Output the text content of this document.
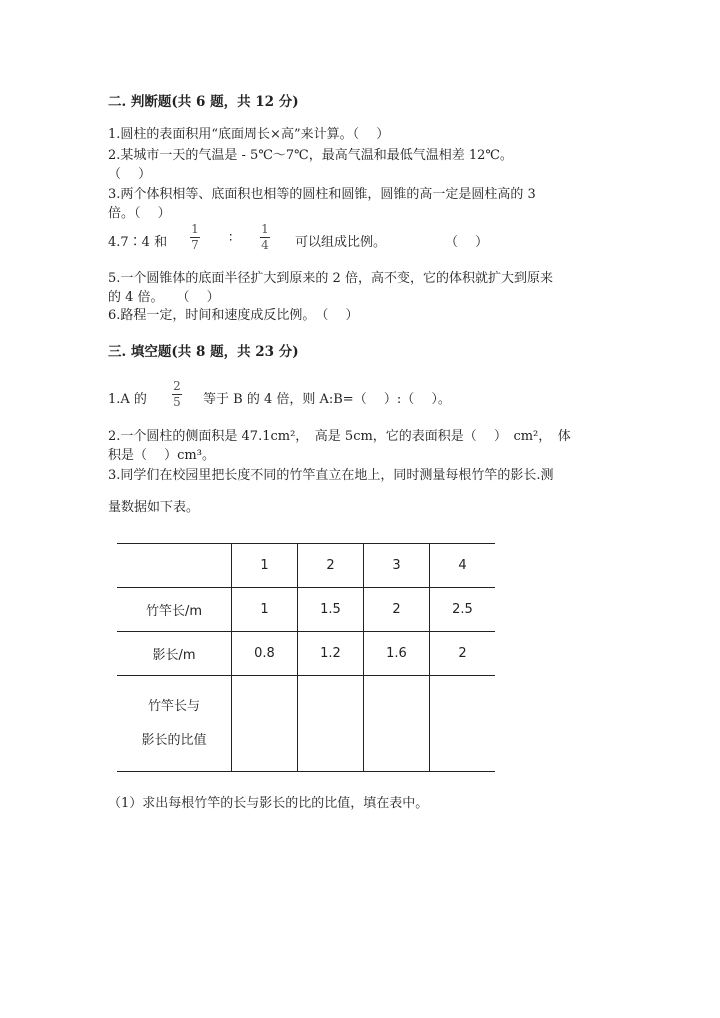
二. 判断题(共 6 题，共 12 分)
1.圆柱的表面积用“底面周长×高”来计算。（　 ）
2.某城市一天的气温是 - 5℃～7℃，最高气温和最低气温相差 12℃。
（　 ）
3.两个体积相等、底面积也相等的圆柱和圆锥，圆锥的高一定是圆柱高的 3
倍。（　 ）
4.7∶4 和
1
7 ∶
1
4 可以组成比例。	（　 ）
5.一个圆锥体的底面半径扩大到原来的 2 倍，高不变，它的体积就扩大到原来
的 4 倍。　　（　 ）
6.路程一定，时间和速度成反比例。　（　 ）
三. 填空题(共 8 题，共 23 分)
1.A 的
2
5 等于 B 的 4 倍，则 A:B=（　 ）:（　 ）。
2.一个圆柱的侧面积是 47.1cm²，　高是 5cm，它的表面积是（　 ）　cm²，　体
积是（　 ）cm³。
3.同学们在校园里把长度不同的竹竿直立在地上，同时测量每根竹竿的影长.测
量数据如下表。
	1	2	3	4
竹竿长/m	1	1.5	2	2.5
影长/m	0.8	1.2	1.6	2

竹竿长与
影长的比值				

（1）求出每根竹竿的长与影长的比的比值，填在表中。
